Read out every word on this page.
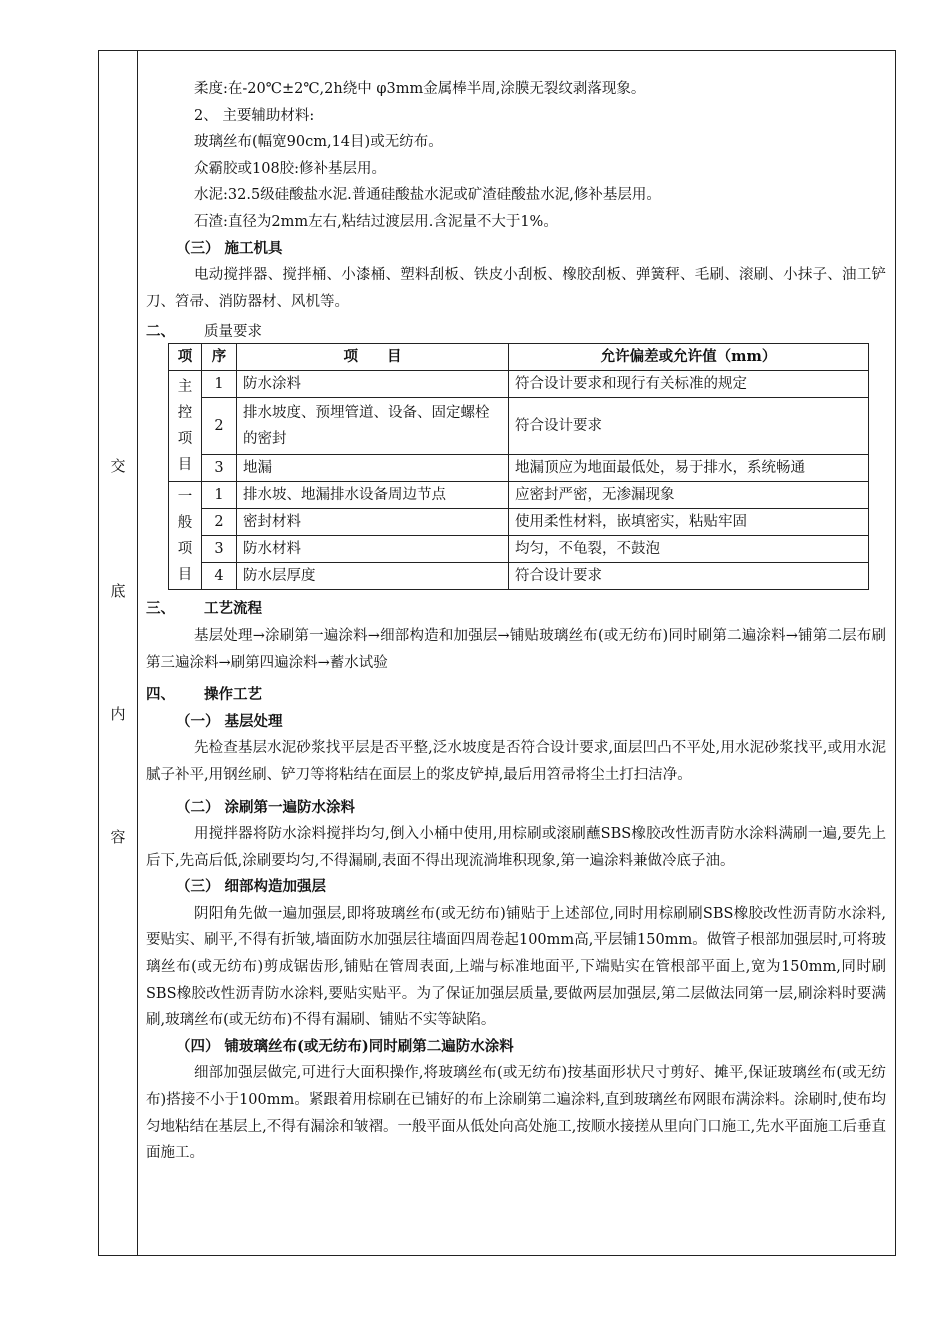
交
底
内
容

柔度:在-20℃±2℃,2h绕中 φ3mm金属棒半周,涂膜无裂纹剥落现象。

2、 主要辅助材料:

玻璃丝布(幅宽90cm,14目)或无纺布。

众霸胶或108胶:修补基层用。

水泥:32.5级硅酸盐水泥.普通硅酸盐水泥或矿渣硅酸盐水泥,修补基层用。

石渣:直径为2mm左右,粘结过渡层用.含泥量不大于1%。

（三） 施工机具

电动搅拌器、搅拌桶、小漆桶、塑料刮板、铁皮小刮板、橡胶刮板、弹簧秤、毛刷、滚刷、小抹子、油工铲刀、笤帚、消防器材、风机等。

二、	质量要求
项	序	项　　目	允许偏差或允许值（mm）

主
控
项
目	1	防水涂料	符合设计要求和现行有关标准的规定
	2	排水坡度、预埋管道、设备、固定螺栓的密封	符合设计要求
	3	地漏	地漏顶应为地面最低处，易于排水，系统畅通

一
般
项
目	1	排水坡、地漏排水设备周边节点	应密封严密，无渗漏现象
	2	密封材料	使用柔性材料，嵌填密实，粘贴牢固
	3	防水材料	均匀，不龟裂，不鼓泡
	4	防水层厚度	符合设计要求
三、	工艺流程

基层处理→涂刷第一遍涂料→细部构造和加强层→铺贴玻璃丝布(或无纺布)同时刷第二遍涂料→铺第二层布刷第三遍涂料→刷第四遍涂料→蓄水试验

四、	操作工艺

（一） 基层处理

先检查基层水泥砂浆找平层是否平整,泛水坡度是否符合设计要求,面层凹凸不平处,用水泥砂浆找平,或用水泥腻子补平,用钢丝刷、铲刀等将粘结在面层上的浆皮铲掉,最后用笤帚将尘土打扫洁净。

（二） 涂刷第一遍防水涂料

用搅拌器将防水涂料搅拌均匀,倒入小桶中使用,用棕刷或滚刷蘸SBS橡胶改性沥青防水涂料满刷一遍,要先上后下,先高后低,涂刷要均匀,不得漏刷,表面不得出现流淌堆积现象,第一遍涂料兼做冷底子油。

（三） 细部构造加强层

阴阳角先做一遍加强层,即将玻璃丝布(或无纺布)铺贴于上述部位,同时用棕刷刷SBS橡胶改性沥青防水涂料,要贴实、刷平,不得有折皱,墙面防水加强层往墙面四周卷起100mm高,平层铺150mm。做管子根部加强层时,可将玻璃丝布(或无纺布)剪成锯齿形,铺贴在管周表面,上端与标准地面平,下端贴实在管根部平面上,宽为150mm,同时刷SBS橡胶改性沥青防水涂料,要贴实贴平。为了保证加强层质量,要做两层加强层,第二层做法同第一层,刷涂料时要满刷,玻璃丝布(或无纺布)不得有漏刷、铺贴不实等缺陷。

（四） 铺玻璃丝布(或无纺布)同时刷第二遍防水涂料

细部加强层做完,可进行大面积操作,将玻璃丝布(或无纺布)按基面形状尺寸剪好、摊平,保证玻璃丝布(或无纺布)搭接不小于100mm。紧跟着用棕刷在已铺好的布上涂刷第二遍涂料,直到玻璃丝布网眼布满涂料。涂刷时,使布均匀地粘结在基层上,不得有漏涂和皱褶。一般平面从低处向高处施工,按顺水接搓从里向门口施工,先水平面施工后垂直面施工。
